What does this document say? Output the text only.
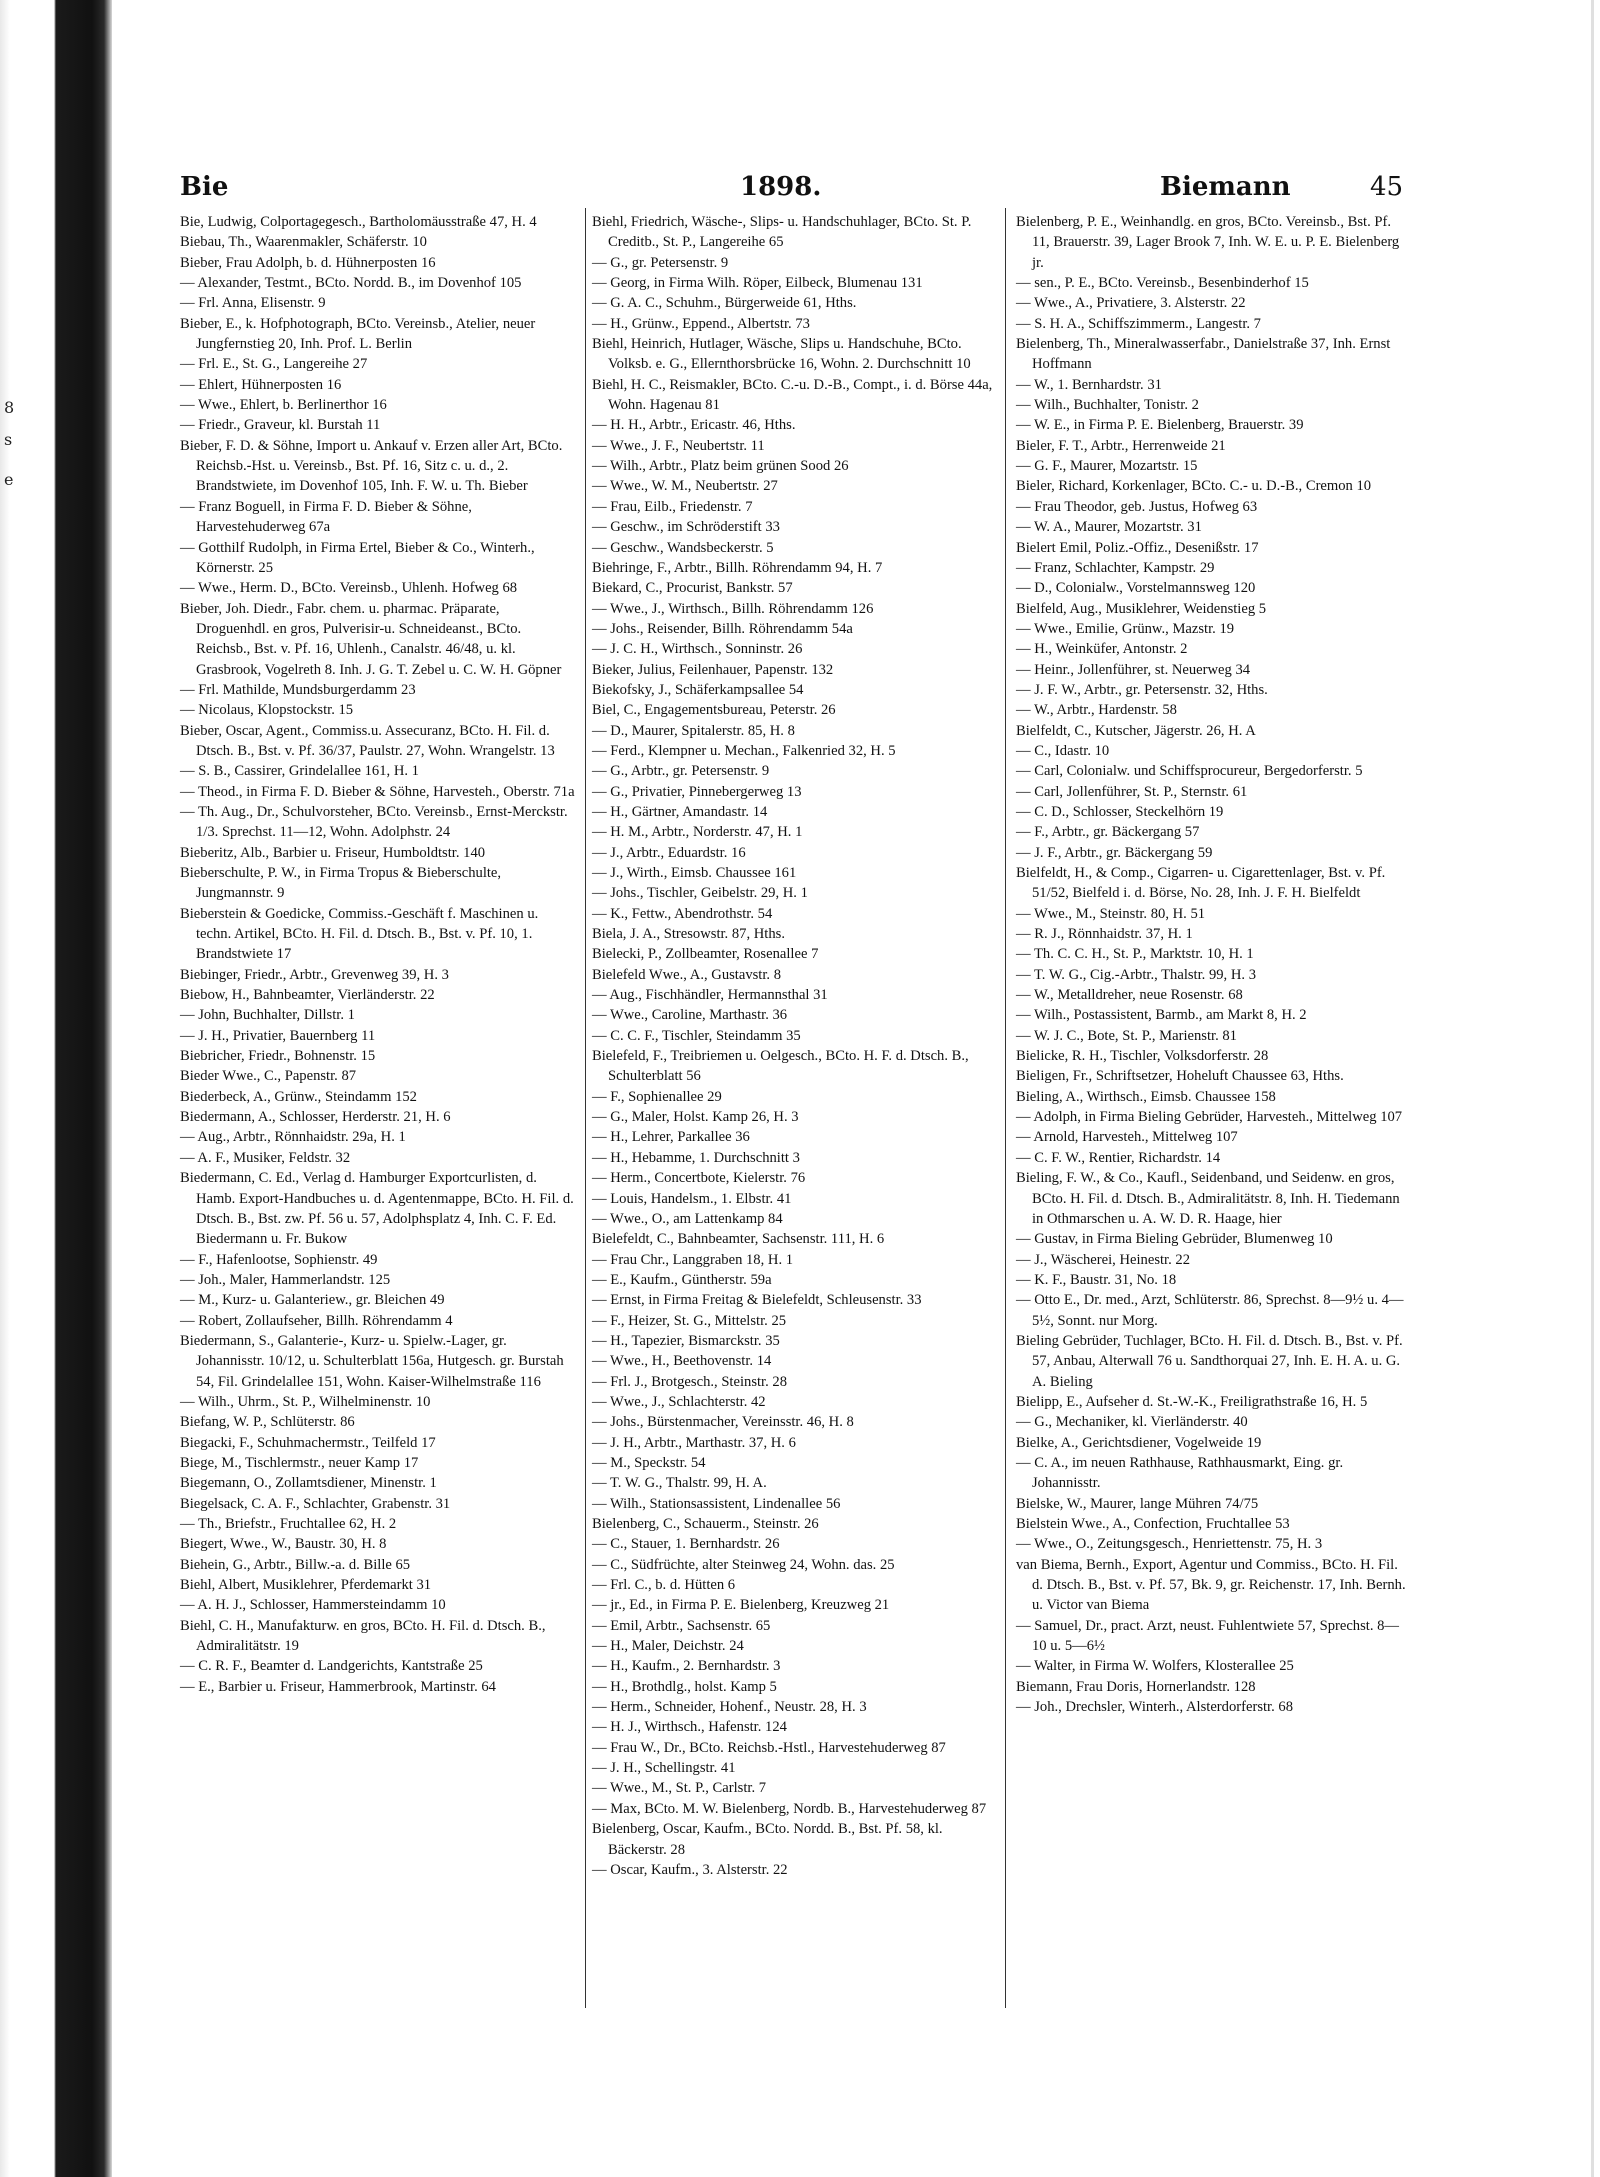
8
s
e
Bie	1898.	Biemann	45
Bie, Ludwig, Colportagegesch., Bartholomäusstraße 47, H. 4
Biebau, Th., Waarenmakler, Schäferstr. 10
Bieber, Frau Adolph, b. d. Hühnerposten 16
— Alexander, Testmt., BCto. Nordd. B., im Dovenhof 105
— Frl. Anna, Elisenstr. 9
Bieber, E., k. Hofphotograph, BCto. Vereinsb., Atelier, neuer Jungfernstieg 20, Inh. Prof. L. Berlin
— Frl. E., St. G., Langereihe 27
— Ehlert, Hühnerposten 16
— Wwe., Ehlert, b. Berlinerthor 16
— Friedr., Graveur, kl. Burstah 11
Bieber, F. D. & Söhne, Import u. Ankauf v. Erzen aller Art, BCto. Reichsb.-Hst. u. Vereinsb., Bst. Pf. 16, Sitz c. u. d., 2. Brandstwiete, im Dovenhof 105, Inh. F. W. u. Th. Bieber
— Franz Boguell, in Firma F. D. Bieber & Söhne, Harvestehuderweg 67a
— Gotthilf Rudolph, in Firma Ertel, Bieber & Co., Winterh., Körnerstr. 25
— Wwe., Herm. D., BCto. Vereinsb., Uhlenh. Hofweg 68
Bieber, Joh. Diedr., Fabr. chem. u. pharmac. Präparate, Droguenhdl. en gros, Pulverisir-u. Schneideanst., BCto. Reichsb., Bst. v. Pf. 16, Uhlenh., Canalstr. 46/48, u. kl. Grasbrook, Vogelreth 8. Inh. J. G. T. Zebel u. C. W. H. Göpner
— Frl. Mathilde, Mundsburgerdamm 23
— Nicolaus, Klopstockstr. 15
Bieber, Oscar, Agent., Commiss.u. Assecuranz, BCto. H. Fil. d. Dtsch. B., Bst. v. Pf. 36/37, Paulstr. 27, Wohn. Wrangelstr. 13
— S. B., Cassirer, Grindelallee 161, H. 1
— Theod., in Firma F. D. Bieber & Söhne, Harvesteh., Oberstr. 71a
— Th. Aug., Dr., Schulvorsteher, BCto. Vereinsb., Ernst-Merckstr. 1/3. Sprechst. 11—12, Wohn. Adolphstr. 24
Bieberitz, Alb., Barbier u. Friseur, Humboldtstr. 140
Bieberschulte, P. W., in Firma Tropus & Bieberschulte, Jungmannstr. 9
Bieberstein & Goedicke, Commiss.-Geschäft f. Maschinen u. techn. Artikel, BCto. H. Fil. d. Dtsch. B., Bst. v. Pf. 10, 1. Brandstwiete 17
Biebinger, Friedr., Arbtr., Grevenweg 39, H. 3
Biebow, H., Bahnbeamter, Vierländerstr. 22
— John, Buchhalter, Dillstr. 1
— J. H., Privatier, Bauernberg 11
Biebricher, Friedr., Bohnenstr. 15
Bieder Wwe., C., Papenstr. 87
Biederbeck, A., Grünw., Steindamm 152
Biedermann, A., Schlosser, Herderstr. 21, H. 6
— Aug., Arbtr., Rönnhaidstr. 29a, H. 1
— A. F., Musiker, Feldstr. 32
Biedermann, C. Ed., Verlag d. Hamburger Exportcurlisten, d. Hamb. Export-Handbuches u. d. Agentenmappe, BCto. H. Fil. d. Dtsch. B., Bst. zw. Pf. 56 u. 57, Adolphsplatz 4, Inh. C. F. Ed. Biedermann u. Fr. Bukow
— F., Hafenlootse, Sophienstr. 49
— Joh., Maler, Hammerlandstr. 125
— M., Kurz- u. Galanteriew., gr. Bleichen 49
— Robert, Zollaufseher, Billh. Röhrendamm 4
Biedermann, S., Galanterie-, Kurz- u. Spielw.-Lager, gr. Johannisstr. 10/12, u. Schulterblatt 156a, Hutgesch. gr. Burstah 54, Fil. Grindelallee 151, Wohn. Kaiser-Wilhelmstraße 116
— Wilh., Uhrm., St. P., Wilhelminenstr. 10
Biefang, W. P., Schlüterstr. 86
Biegacki, F., Schuhmachermstr., Teilfeld 17
Biege, M., Tischlermstr., neuer Kamp 17
Biegemann, O., Zollamtsdiener, Minenstr. 1
Biegelsack, C. A. F., Schlachter, Grabenstr. 31
— Th., Briefstr., Fruchtallee 62, H. 2
Biegert, Wwe., W., Baustr. 30, H. 8
Biehein, G., Arbtr., Billw.-a. d. Bille 65
Biehl, Albert, Musiklehrer, Pferdemarkt 31
— A. H. J., Schlosser, Hammersteindamm 10
Biehl, C. H., Manufakturw. en gros, BCto. H. Fil. d. Dtsch. B., Admiralitätstr. 19
— C. R. F., Beamter d. Landgerichts, Kantstraße 25
— E., Barbier u. Friseur, Hammerbrook, Martinstr. 64
Biehl, Friedrich, Wäsche-, Slips- u. Handschuhlager, BCto. St. P. Creditb., St. P., Langereihe 65
— G., gr. Petersenstr. 9
— Georg, in Firma Wilh. Röper, Eilbeck, Blumenau 131
— G. A. C., Schuhm., Bürgerweide 61, Hths.
— H., Grünw., Eppend., Albertstr. 73
Biehl, Heinrich, Hutlager, Wäsche, Slips u. Handschuhe, BCto. Volksb. e. G., Ellernthorsbrücke 16, Wohn. 2. Durchschnitt 10
Biehl, H. C., Reismakler, BCto. C.-u. D.-B., Compt., i. d. Börse 44a, Wohn. Hagenau 81
— H. H., Arbtr., Ericastr. 46, Hths.
— Wwe., J. F., Neubertstr. 11
— Wilh., Arbtr., Platz beim grünen Sood 26
— Wwe., W. M., Neubertstr. 27
— Frau, Eilb., Friedenstr. 7
— Geschw., im Schröderstift 33
— Geschw., Wandsbeckerstr. 5
Biehringe, F., Arbtr., Billh. Röhrendamm 94, H. 7
Biekard, C., Procurist, Bankstr. 57
— Wwe., J., Wirthsch., Billh. Röhrendamm 126
— Johs., Reisender, Billh. Röhrendamm 54a
— J. C. H., Wirthsch., Sonninstr. 26
Bieker, Julius, Feilenhauer, Papenstr. 132
Biekofsky, J., Schäferkampsallee 54
Biel, C., Engagementsbureau, Peterstr. 26
— D., Maurer, Spitalerstr. 85, H. 8
— Ferd., Klempner u. Mechan., Falkenried 32, H. 5
— G., Arbtr., gr. Petersenstr. 9
— G., Privatier, Pinnebergerweg 13
— H., Gärtner, Amandastr. 14
— H. M., Arbtr., Norderstr. 47, H. 1
— J., Arbtr., Eduardstr. 16
— J., Wirth., Eimsb. Chaussee 161
— Johs., Tischler, Geibelstr. 29, H. 1
— K., Fettw., Abendrothstr. 54
Biela, J. A., Stresowstr. 87, Hths.
Bielecki, P., Zollbeamter, Rosenallee 7
Bielefeld Wwe., A., Gustavstr. 8
— Aug., Fischhändler, Hermannsthal 31
— Wwe., Caroline, Marthastr. 36
— C. C. F., Tischler, Steindamm 35
Bielefeld, F., Treibriemen u. Oelgesch., BCto. H. F. d. Dtsch. B., Schulterblatt 56
— F., Sophienallee 29
— G., Maler, Holst. Kamp 26, H. 3
— H., Lehrer, Parkallee 36
— H., Hebamme, 1. Durchschnitt 3
— Herm., Concertbote, Kielerstr. 76
— Louis, Handelsm., 1. Elbstr. 41
— Wwe., O., am Lattenkamp 84
Bielefeldt, C., Bahnbeamter, Sachsenstr. 111, H. 6
— Frau Chr., Langgraben 18, H. 1
— E., Kaufm., Güntherstr. 59a
— Ernst, in Firma Freitag & Bielefeldt, Schleusenstr. 33
— F., Heizer, St. G., Mittelstr. 25
— H., Tapezier, Bismarckstr. 35
— Wwe., H., Beethovenstr. 14
— Frl. J., Brotgesch., Steinstr. 28
— Wwe., J., Schlachterstr. 42
— Johs., Bürstenmacher, Vereinsstr. 46, H. 8
— J. H., Arbtr., Marthastr. 37, H. 6
— M., Speckstr. 54
— T. W. G., Thalstr. 99, H. A.
— Wilh., Stationsassistent, Lindenallee 56
Bielenberg, C., Schauerm., Steinstr. 26
— C., Stauer, 1. Bernhardstr. 26
— C., Südfrüchte, alter Steinweg 24, Wohn. das. 25
— Frl. C., b. d. Hütten 6
— jr., Ed., in Firma P. E. Bielenberg, Kreuzweg 21
— Emil, Arbtr., Sachsenstr. 65
— H., Maler, Deichstr. 24
— H., Kaufm., 2. Bernhardstr. 3
— H., Brothdlg., holst. Kamp 5
— Herm., Schneider, Hohenf., Neustr. 28, H. 3
— H. J., Wirthsch., Hafenstr. 124
— Frau W., Dr., BCto. Reichsb.-Hstl., Harvestehuderweg 87
— J. H., Schellingstr. 41
— Wwe., M., St. P., Carlstr. 7
— Max, BCto. M. W. Bielenberg, Nordb. B., Harvestehuderweg 87
Bielenberg, Oscar, Kaufm., BCto. Nordd. B., Bst. Pf. 58, kl. Bäckerstr. 28
— Oscar, Kaufm., 3. Alsterstr. 22
Bielenberg, P. E., Weinhandlg. en gros, BCto. Vereinsb., Bst. Pf. 11, Brauerstr. 39, Lager Brook 7, Inh. W. E. u. P. E. Bielenberg jr.
— sen., P. E., BCto. Vereinsb., Besenbinderhof 15
— Wwe., A., Privatiere, 3. Alsterstr. 22
— S. H. A., Schiffszimmerm., Langestr. 7
Bielenberg, Th., Mineralwasserfabr., Danielstraße 37, Inh. Ernst Hoffmann
— W., 1. Bernhardstr. 31
— Wilh., Buchhalter, Tonistr. 2
— W. E., in Firma P. E. Bielenberg, Brauerstr. 39
Bieler, F. T., Arbtr., Herrenweide 21
— G. F., Maurer, Mozartstr. 15
Bieler, Richard, Korkenlager, BCto. C.- u. D.-B., Cremon 10
— Frau Theodor, geb. Justus, Hofweg 63
— W. A., Maurer, Mozartstr. 31
Bielert Emil, Poliz.-Offiz., Desenißstr. 17
— Franz, Schlachter, Kampstr. 29
— D., Colonialw., Vorstelmannsweg 120
Bielfeld, Aug., Musiklehrer, Weidenstieg 5
— Wwe., Emilie, Grünw., Mazstr. 19
— H., Weinküfer, Antonstr. 2
— Heinr., Jollenführer, st. Neuerweg 34
— J. F. W., Arbtr., gr. Petersenstr. 32, Hths.
— W., Arbtr., Hardenstr. 58
Bielfeldt, C., Kutscher, Jägerstr. 26, H. A
— C., Idastr. 10
— Carl, Colonialw. und Schiffsprocureur, Bergedorferstr. 5
— Carl, Jollenführer, St. P., Sternstr. 61
— C. D., Schlosser, Steckelhörn 19
— F., Arbtr., gr. Bäckergang 57
— J. F., Arbtr., gr. Bäckergang 59
Bielfeldt, H., & Comp., Cigarren- u. Cigarettenlager, Bst. v. Pf. 51/52, Bielfeld i. d. Börse, No. 28, Inh. J. F. H. Bielfeldt
— Wwe., M., Steinstr. 80, H. 51
— R. J., Rönnhaidstr. 37, H. 1
— Th. C. C. H., St. P., Marktstr. 10, H. 1
— T. W. G., Cig.-Arbtr., Thalstr. 99, H. 3
— W., Metalldreher, neue Rosenstr. 68
— Wilh., Postassistent, Barmb., am Markt 8, H. 2
— W. J. C., Bote, St. P., Marienstr. 81
Bielicke, R. H., Tischler, Volksdorferstr. 28
Bieligen, Fr., Schriftsetzer, Hoheluft Chaussee 63, Hths.
Bieling, A., Wirthsch., Eimsb. Chaussee 158
— Adolph, in Firma Bieling Gebrüder, Harvesteh., Mittelweg 107
— Arnold, Harvesteh., Mittelweg 107
— C. F. W., Rentier, Richardstr. 14
Bieling, F. W., & Co., Kaufl., Seidenband, und Seidenw. en gros, BCto. H. Fil. d. Dtsch. B., Admiralitätstr. 8, Inh. H. Tiedemann in Othmarschen u. A. W. D. R. Haage, hier
— Gustav, in Firma Bieling Gebrüder, Blumenweg 10
— J., Wäscherei, Heinestr. 22
— K. F., Baustr. 31, No. 18
— Otto E., Dr. med., Arzt, Schlüterstr. 86, Sprechst. 8—9½ u. 4—5½, Sonnt. nur Morg.
Bieling Gebrüder, Tuchlager, BCto. H. Fil. d. Dtsch. B., Bst. v. Pf. 57, Anbau, Alterwall 76 u. Sandthorquai 27, Inh. E. H. A. u. G. A. Bieling
Bielipp, E., Aufseher d. St.-W.-K., Freiligrathstraße 16, H. 5
— G., Mechaniker, kl. Vierländerstr. 40
Bielke, A., Gerichtsdiener, Vogelweide 19
— C. A., im neuen Rathhause, Rathhausmarkt, Eing. gr. Johannisstr.
Bielske, W., Maurer, lange Mühren 74/75
Bielstein Wwe., A., Confection, Fruchtallee 53
— Wwe., O., Zeitungsgesch., Henriettenstr. 75, H. 3
van Biema, Bernh., Export, Agentur und Commiss., BCto. H. Fil. d. Dtsch. B., Bst. v. Pf. 57, Bk. 9, gr. Reichenstr. 17, Inh. Bernh. u. Victor van Biema
— Samuel, Dr., pract. Arzt, neust. Fuhlentwiete 57, Sprechst. 8—10 u. 5—6½
— Walter, in Firma W. Wolfers, Klosterallee 25
Biemann, Frau Doris, Hornerlandstr. 128
— Joh., Drechsler, Winterh., Alsterdorferstr. 68
